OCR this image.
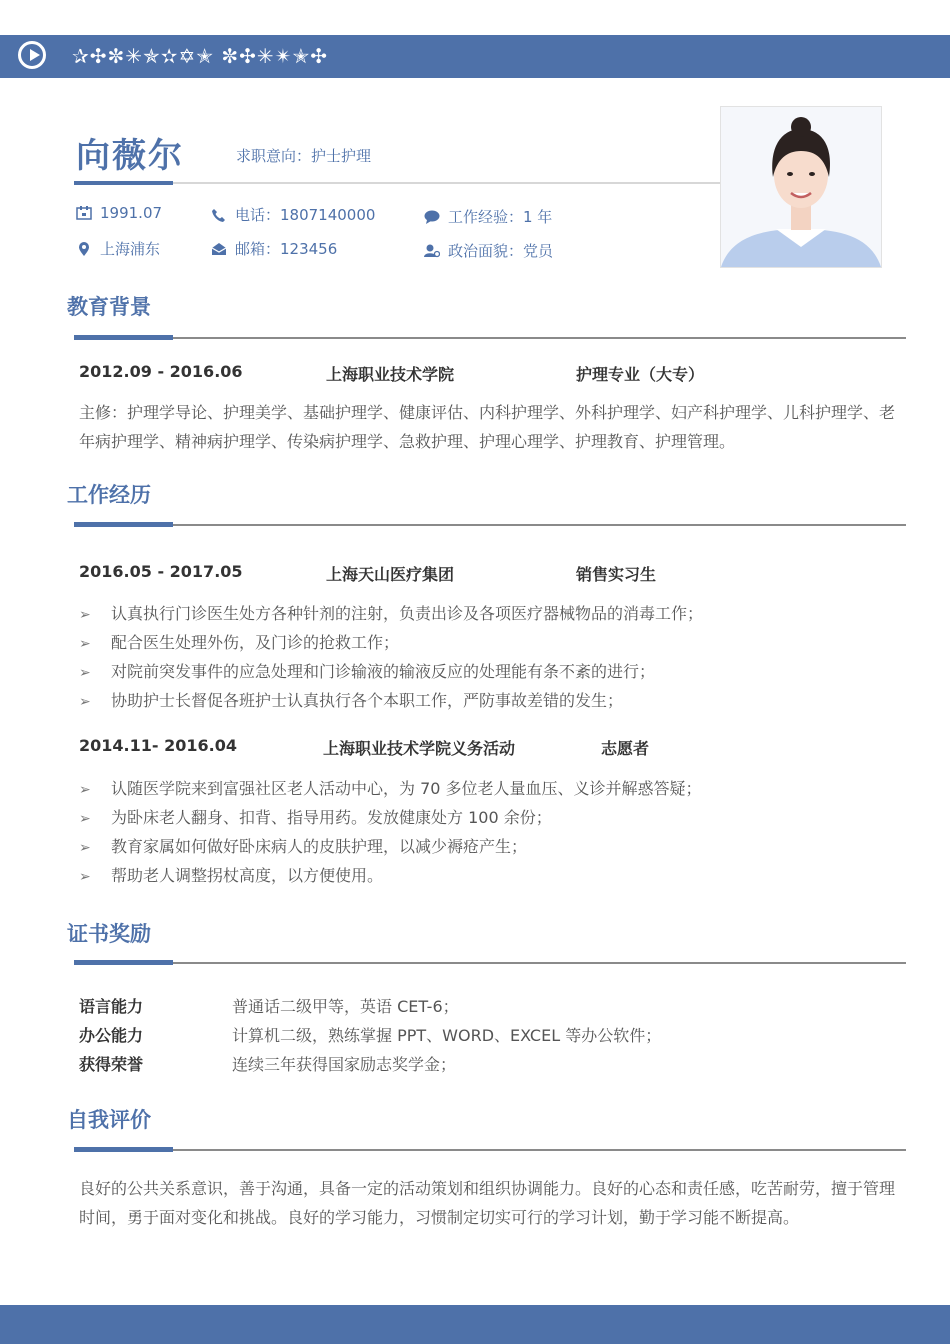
✰✣✼✳✯✫✡✭ ✼✣✳✴✭✣
向薇尔	求职意向：护士护理
1991.07	电话：1807140000	工作经验：1 年
上海浦东	邮箱：123456	政治面貌：党员
教育背景
2012.09 - 2016.06	上海职业技术学院	护理专业（大专）
主修：护理学导论、护理美学、基础护理学、健康评估、内科护理学、外科护理学、妇产科护理学、儿科护理学、老年病护理学、精神病护理学、传染病护理学、急救护理、护理心理学、护理教育、护理管理。
工作经历
2016.05 - 2017.05	上海天山医疗集团	销售实习生
➢ 认真执行门诊医生处方各种针剂的注射，负责出诊及各项医疗器械物品的消毒工作；
➢ 配合医生处理外伤，及门诊的抢救工作；
➢ 对院前突发事件的应急处理和门诊输液的输液反应的处理能有条不紊的进行；
➢ 协助护士长督促各班护士认真执行各个本职工作，严防事故差错的发生；
2014.11- 2016.04	上海职业技术学院义务活动	志愿者
➢ 认随医学院来到富强社区老人活动中心，为 70 多位老人量血压、义诊并解惑答疑；
➢ 为卧床老人翻身、扣背、指导用药。发放健康处方 100 余份；
➢ 教育家属如何做好卧床病人的皮肤护理，以减少褥疮产生；
➢ 帮助老人调整拐杖高度，以方便使用。
证书奖励
语言能力	普通话二级甲等，英语 CET-6；
办公能力	计算机二级，熟练掌握 PPT、WORD、EXCEL 等办公软件；
获得荣誉	连续三年获得国家励志奖学金；
自我评价
良好的公共关系意识，善于沟通，具备一定的活动策划和组织协调能力。良好的心态和责任感，吃苦耐劳，擅于管理时间，勇于面对变化和挑战。良好的学习能力，习惯制定切实可行的学习计划，勤于学习能不断提高。
